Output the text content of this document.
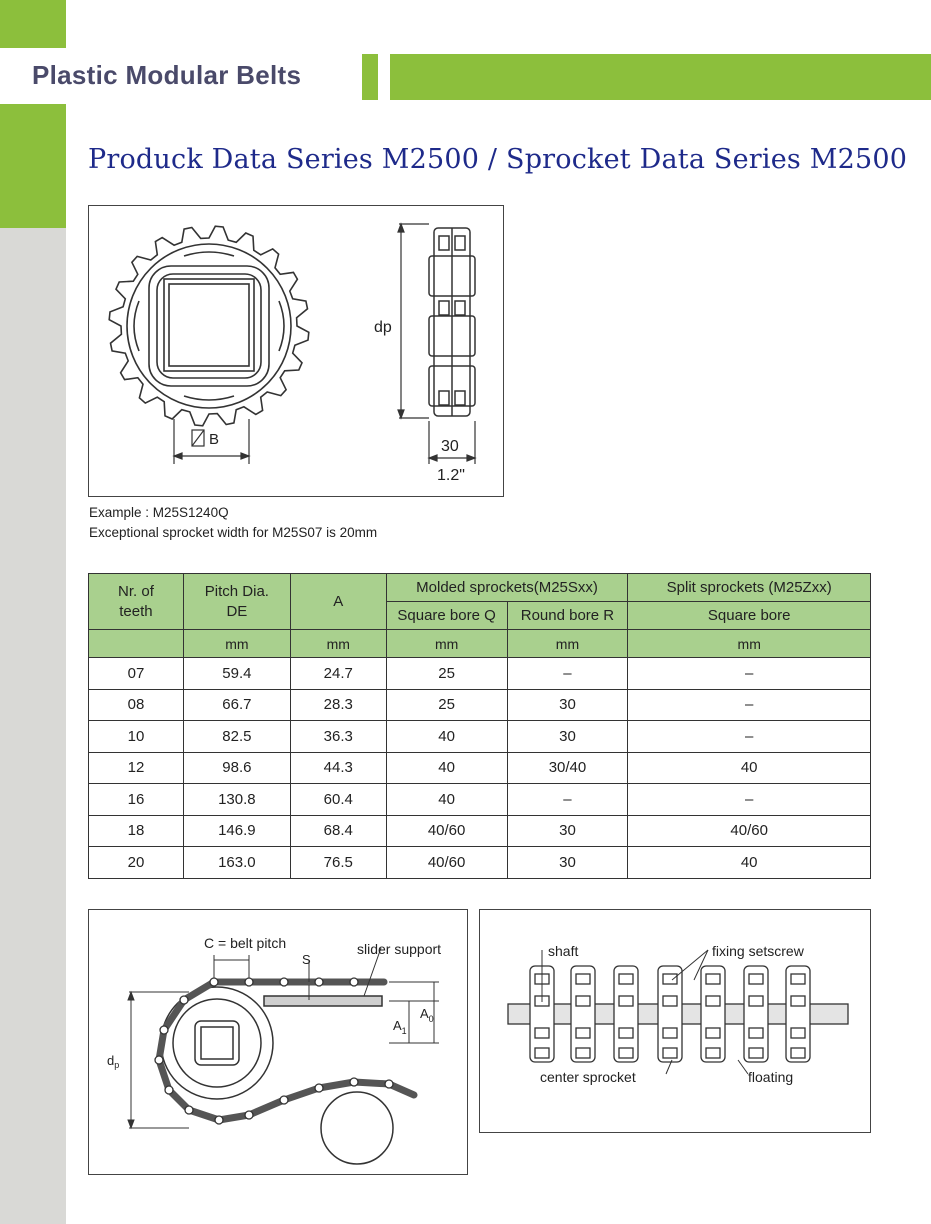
Plastic Modular Belts
Produck Data Series M2500 / Sprocket Data Series M2500
B
dp
30
1.2"
Example : M25S1240Q
Exceptional sprocket width for M25S07 is 20mm
Nr. of teeth	Pitch Dia. DE	A	Molded sprockets(M25Sxx)		Split sprockets (M25Zxx)
			Square bore Q	Round bore R	Square bore
	mm	mm	mm	mm	mm
07	59.4	24.7	25	–	–
08	66.7	28.3	25	30	–
10	82.5	36.3	40	30	–
12	98.6	44.3	40	30/40	40
16	130.8	60.4	40	–	–
18	146.9	68.4	40/60	30	40/60
20	163.0	76.5	40/60	30	40
C = belt pitch
S
slider support
$A_1$
$A_0$
$d_p$
shaft	fixing setscrew
center sprocket	floating
